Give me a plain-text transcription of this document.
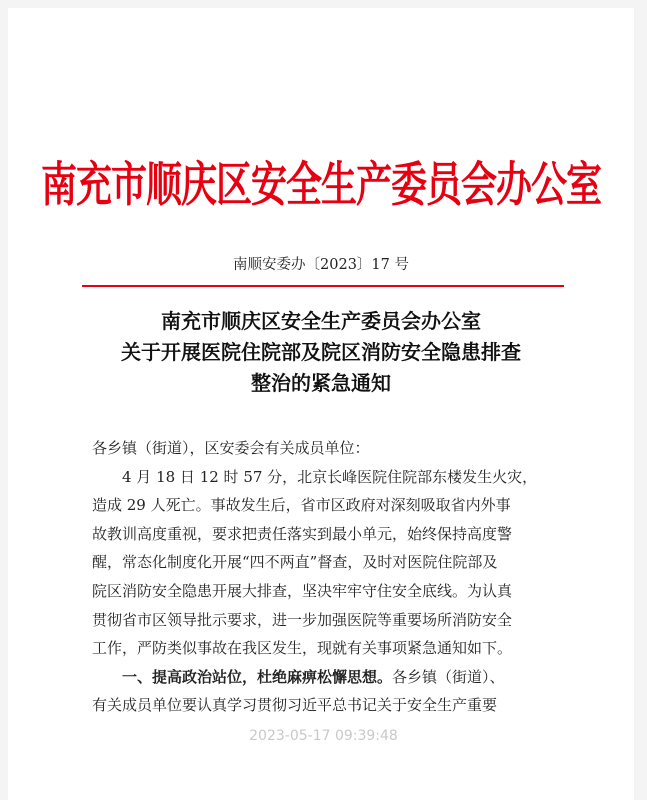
南充市顺庆区安全生产委员会办公室
南顺安委办〔2023〕17 号
南充市顺庆区安全生产委员会办公室
关于开展医院住院部及院区消防安全隐患排查
整治的紧急通知
各乡镇（街道），区安委会有关成员单位：
4 月 18 日 12 时 57 分，北京长峰医院住院部东楼发生火灾，
造成 29 人死亡。事故发生后，省市区政府对深刻吸取省内外事
故教训高度重视，要求把责任落实到最小单元，始终保持高度警
醒，常态化制度化开展“四不两直”督查，及时对医院住院部及
院区消防安全隐患开展大排查，坚决牢牢守住安全底线。为认真
贯彻省市区领导批示要求，进一步加强医院等重要场所消防安全
工作，严防类似事故在我区发生，现就有关事项紧急通知如下。
一、提高政治站位，杜绝麻痹松懈思想。各乡镇（街道）、
有关成员单位要认真学习贯彻习近平总书记关于安全生产重要
2023-05-17 09:39:48
